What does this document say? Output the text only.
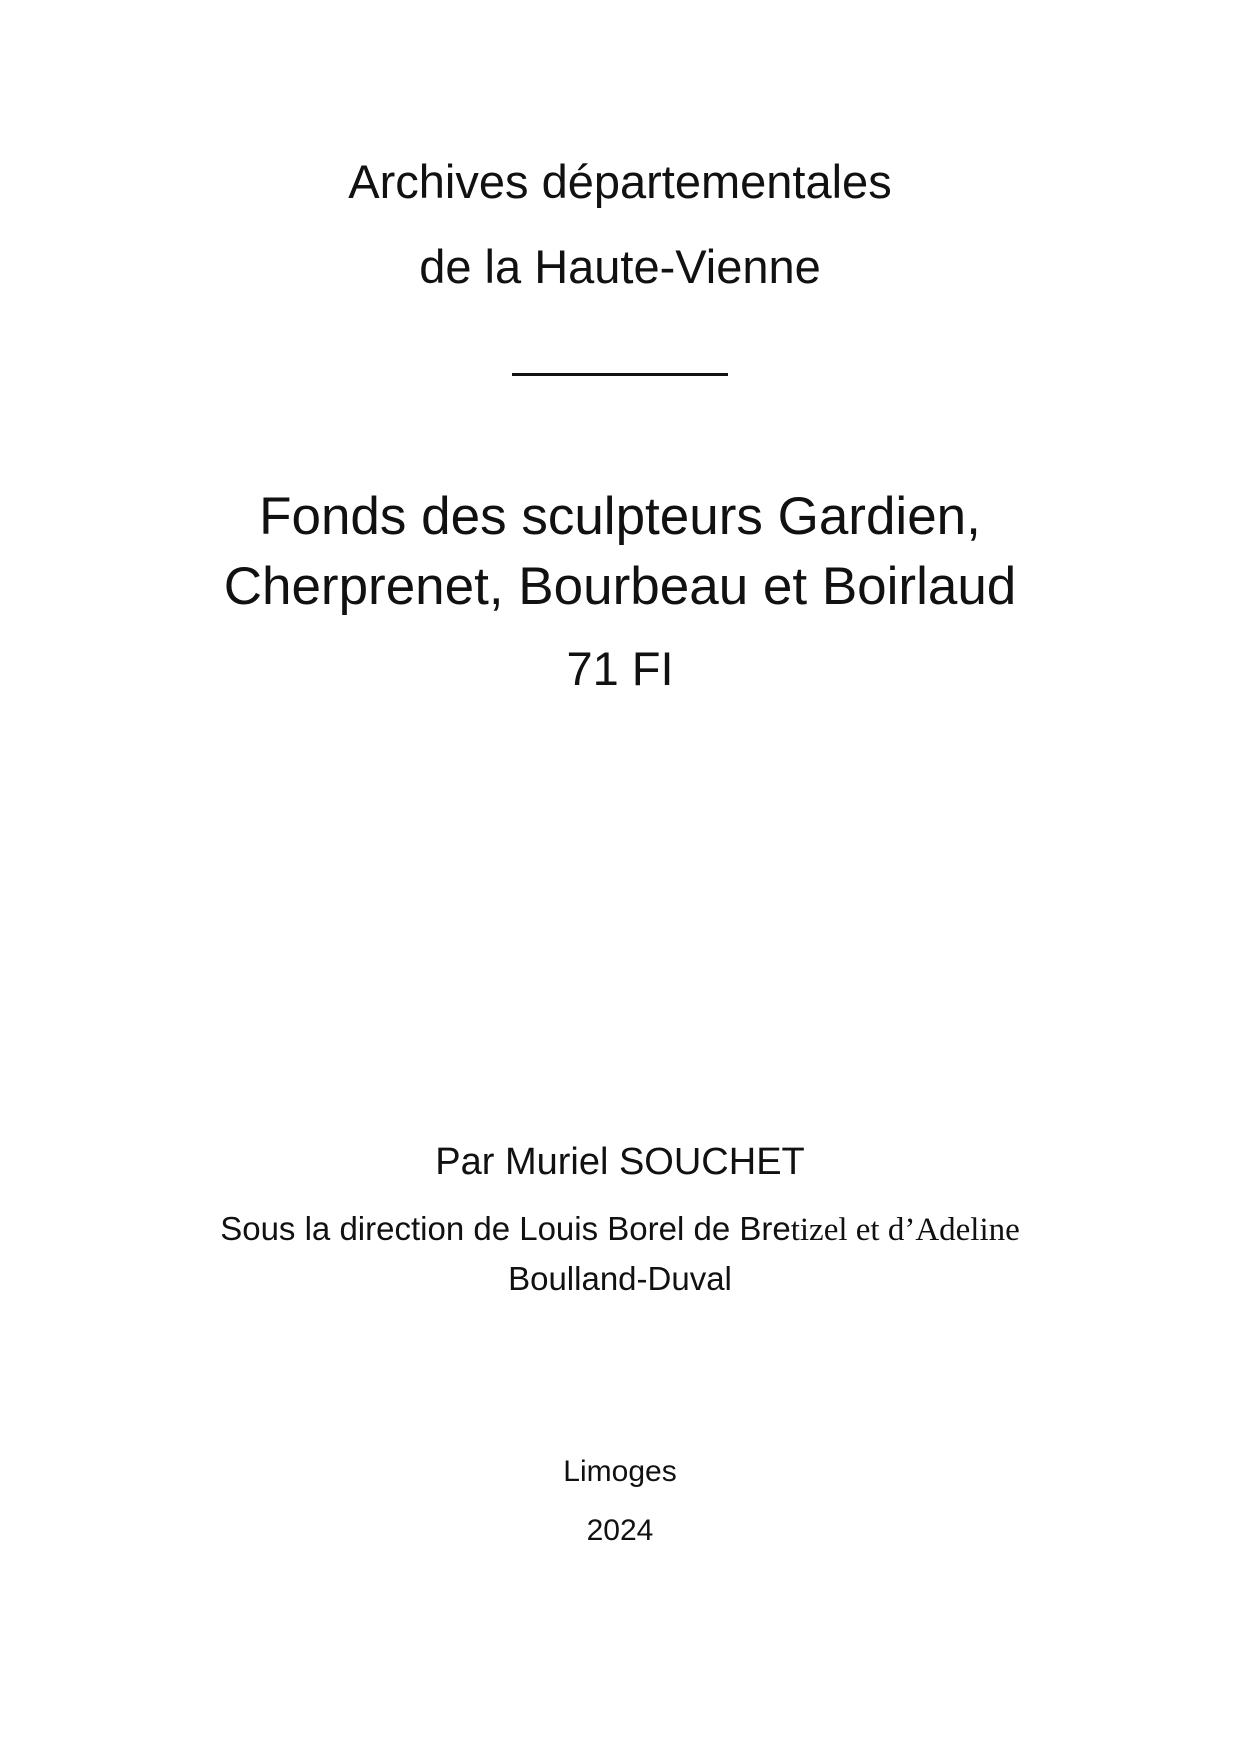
Archives départementales
de la Haute-Vienne
Fonds des sculpteurs Gardien,
Cherprenet, Bourbeau et Boirlaud
71 FI
Par Muriel SOUCHET
Sous la direction de Louis Borel de Bretizel et d’Adeline
Boulland-Duval
Limoges
2024
